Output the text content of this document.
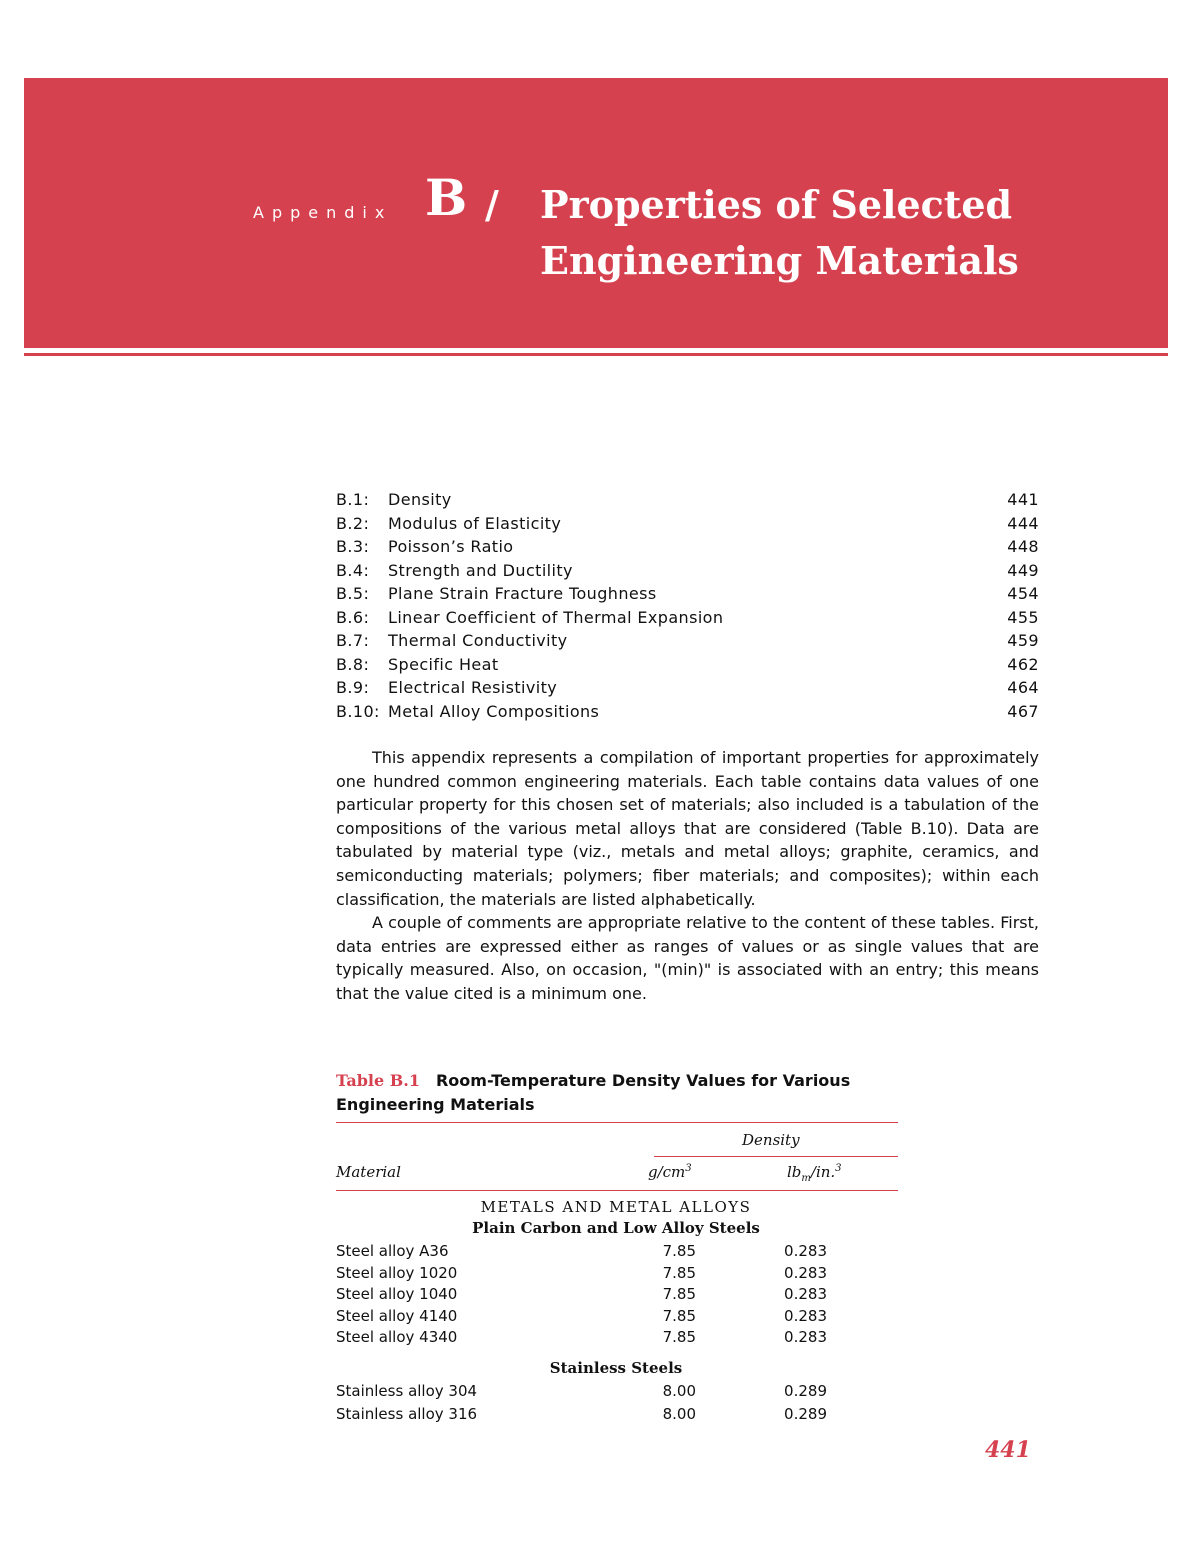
Appendix B / Properties of Selected
Engineering Materials
B.1: Density	441
B.2: Modulus of Elasticity	444
B.3: Poisson’s Ratio	448
B.4: Strength and Ductility	449
B.5: Plane Strain Fracture Toughness	454
B.6: Linear Coefficient of Thermal Expansion	455
B.7: Thermal Conductivity	459
B.8: Specific Heat	462
B.9: Electrical Resistivity	464
B.10: Metal Alloy Compositions	467

This appendix represents a compilation of important properties for approximately one hundred common engineering materials. Each table contains data values of one particular property for this chosen set of materials; also included is a tabulation of the compositions of the various metal alloys that are considered (Table B.10). Data are tabulated by material type (viz., metals and metal alloys; graphite, ceramics, and semiconducting materials; polymers; fiber materials; and composites); within each classification, the materials are listed alphabetically.

A couple of comments are appropriate relative to the content of these tables. First, data entries are expressed either as ranges of values or as single values that are typically measured. Also, on occasion, "(min)" is associated with an entry; this means that the value cited is a minimum one.

Table B.1 Room-Temperature Density Values for Various
Engineering Materials
Density
Material	$g/cm^3$	$lb_m/in.^3$
METALS AND METAL ALLOYS
Plain Carbon and Low Alloy Steels
Steel alloy A36	7.85	0.283
Steel alloy 1020	7.85	0.283
Steel alloy 1040	7.85	0.283
Steel alloy 4140	7.85	0.283
Steel alloy 4340	7.85	0.283
Stainless Steels
Stainless alloy 304	8.00	0.289
Stainless alloy 316	8.00	0.289
441
